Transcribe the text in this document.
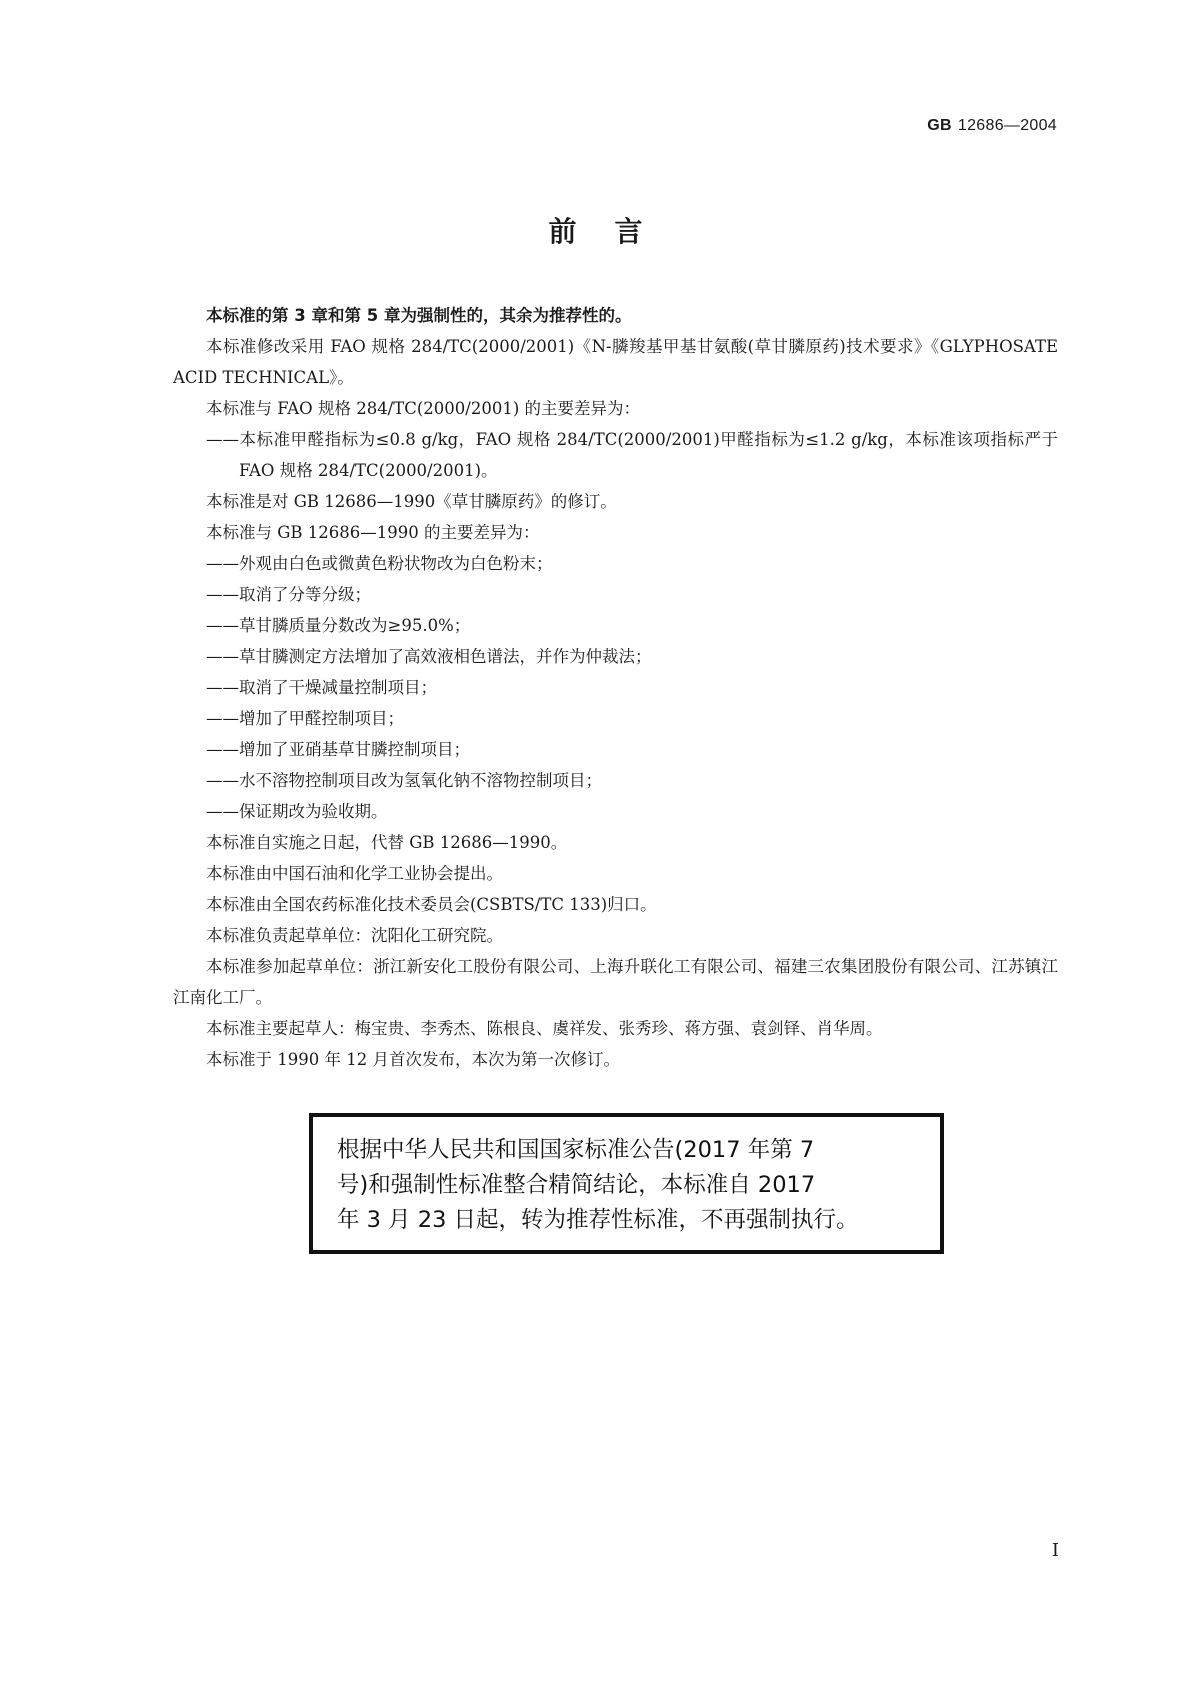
GB 12686—2004
前言

本标准的第 3 章和第 5 章为强制性的，其余为推荐性的。

本标准修改采用 FAO 规格 284/TC(2000/2001)《N-膦羧基甲基甘氨酸(草甘膦原药)技术要求》《GLYPHOSATE ACID TECHNICAL》。

本标准与 FAO 规格 284/TC(2000/2001) 的主要差异为：

——本标准甲醛指标为≤0.8 g/kg，FAO 规格 284/TC(2000/2001)甲醛指标为≤1.2 g/kg，本标准该项指标严于 FAO 规格 284/TC(2000/2001)。

本标准是对 GB 12686—1990《草甘膦原药》的修订。

本标准与 GB 12686—1990 的主要差异为：

——外观由白色或微黄色粉状物改为白色粉末；

——取消了分等分级；

——草甘膦质量分数改为≥95.0%；

——草甘膦测定方法增加了高效液相色谱法，并作为仲裁法；

——取消了干燥减量控制项目；

——增加了甲醛控制项目；

——增加了亚硝基草甘膦控制项目；

——水不溶物控制项目改为氢氧化钠不溶物控制项目；

——保证期改为验收期。

本标准自实施之日起，代替 GB 12686—1990。

本标准由中国石油和化学工业协会提出。

本标准由全国农药标准化技术委员会(CSBTS/TC 133)归口。

本标准负责起草单位：沈阳化工研究院。

本标准参加起草单位：浙江新安化工股份有限公司、上海升联化工有限公司、福建三农集团股份有限公司、江苏镇江江南化工厂。

本标准主要起草人：梅宝贵、李秀杰、陈根良、虞祥发、张秀珍、蒋方强、袁剑铎、肖华周。

本标准于 1990 年 12 月首次发布，本次为第一次修订。

根据中华人民共和国国家标准公告(2017 年第 7
号)和强制性标准整合精简结论，本标准自 2017
年 3 月 23 日起，转为推荐性标准，不再强制执行。
I
